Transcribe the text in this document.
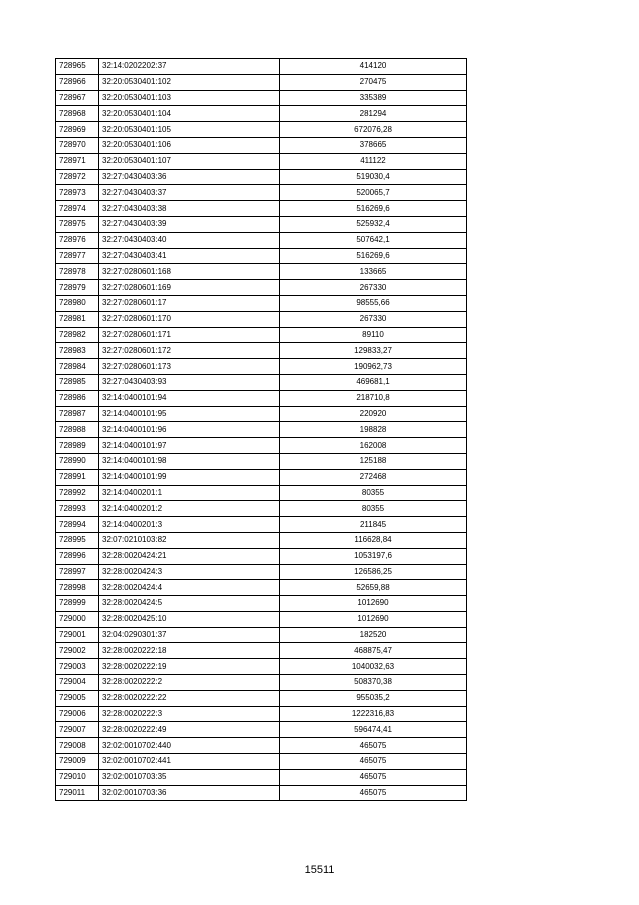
728965	32:14:0202202:37	414120
728966	32:20:0530401:102	270475
728967	32:20:0530401:103	335389
728968	32:20:0530401:104	281294
728969	32:20:0530401:105	672076,28
728970	32:20:0530401:106	378665
728971	32:20:0530401:107	411122
728972	32:27:0430403:36	519030,4
728973	32:27:0430403:37	520065,7
728974	32:27:0430403:38	516269,6
728975	32:27:0430403:39	525932,4
728976	32:27:0430403:40	507642,1
728977	32:27:0430403:41	516269,6
728978	32:27:0280601:168	133665
728979	32:27:0280601:169	267330
728980	32:27:0280601:17	98555,66
728981	32:27:0280601:170	267330
728982	32:27:0280601:171	89110
728983	32:27:0280601:172	129833,27
728984	32:27:0280601:173	190962,73
728985	32:27:0430403:93	469681,1
728986	32:14:0400101:94	218710,8
728987	32:14:0400101:95	220920
728988	32:14:0400101:96	198828
728989	32:14:0400101:97	162008
728990	32:14:0400101:98	125188
728991	32:14:0400101:99	272468
728992	32:14:0400201:1	80355
728993	32:14:0400201:2	80355
728994	32:14:0400201:3	211845
728995	32:07:0210103:82	116628,84
728996	32:28:0020424:21	1053197,6
728997	32:28:0020424:3	126586,25
728998	32:28:0020424:4	52659,88
728999	32:28:0020424:5	1012690
729000	32:28:0020425:10	1012690
729001	32:04:0290301:37	182520
729002	32:28:0020222:18	468875,47
729003	32:28:0020222:19	1040032,63
729004	32:28:0020222:2	508370,38
729005	32:28:0020222:22	955035,2
729006	32:28:0020222:3	1222316,83
729007	32:28:0020222:49	596474,41
729008	32:02:0010702:440	465075
729009	32:02:0010702:441	465075
729010	32:02:0010703:35	465075
729011	32:02:0010703:36	465075
15511
